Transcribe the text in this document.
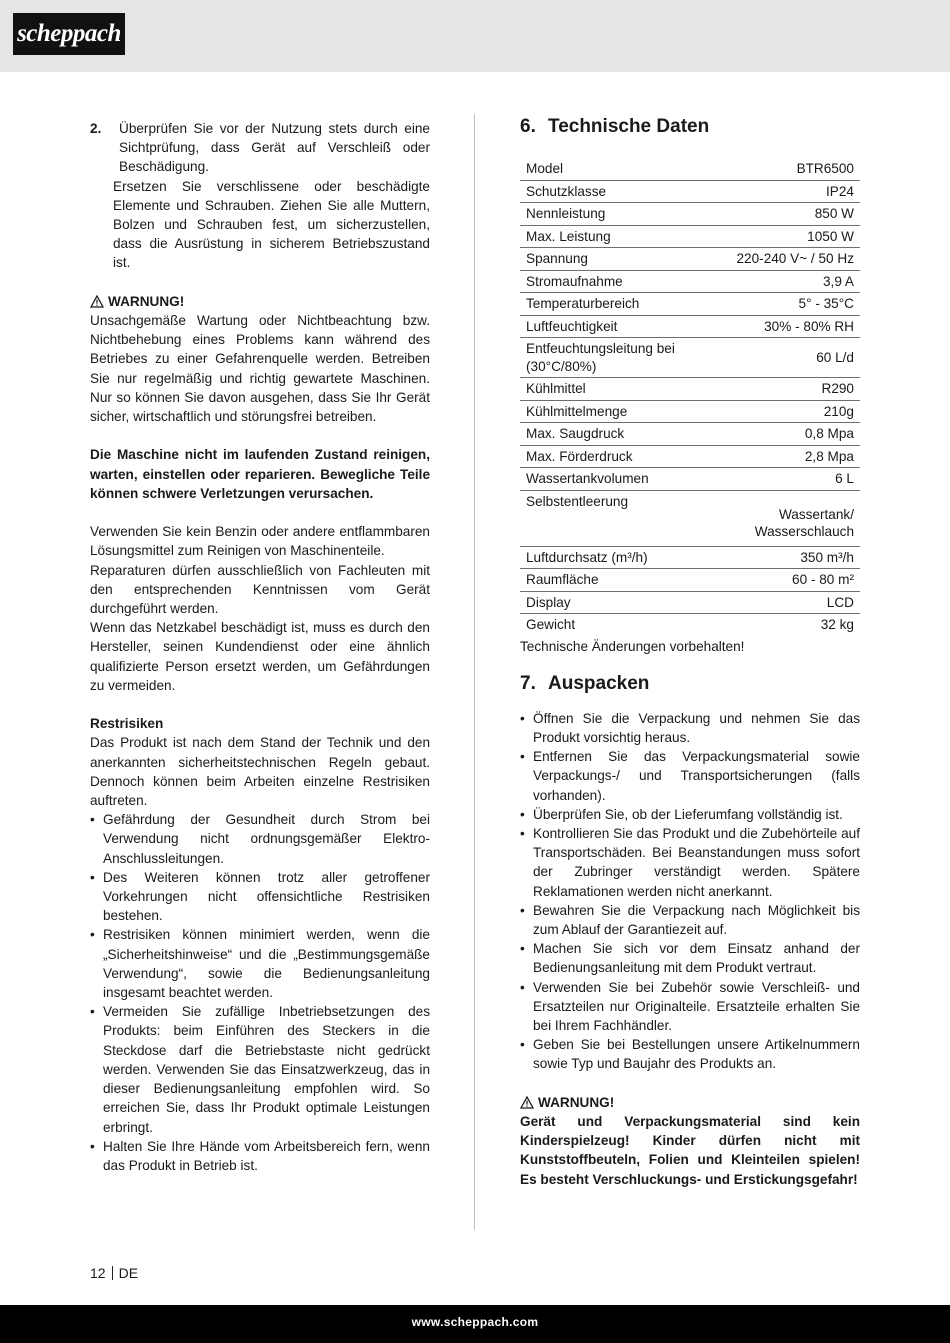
scheppach
2.	Überprüfen Sie vor der Nutzung stets durch eine Sichtprüfung, dass Gerät auf Verschleiß oder Beschädigung.

Ersetzen Sie verschlissene oder beschädigte Elemente und Schrauben. Ziehen Sie alle Muttern, Bolzen und Schrauben fest, um sicherzustellen, dass die Ausrüstung in sicherem Betriebszustand ist.

WARNUNG!

Unsachgemäße Wartung oder Nichtbeachtung bzw. Nichtbehebung eines Problems kann während des Betriebes zu einer Gefahrenquelle werden. Betreiben Sie nur regelmäßig und richtig gewartete Maschinen. Nur so können Sie davon ausgehen, dass Sie Ihr Gerät sicher, wirtschaftlich und störungsfrei betreiben.

Die Maschine nicht im laufenden Zustand reinigen, warten, einstellen oder reparieren. Bewegliche Teile können schwere Verletzungen verursachen.

Verwenden Sie kein Benzin oder andere entflammbaren Lösungsmittel zum Reinigen von Maschinenteile.

Reparaturen dürfen ausschließlich von Fachleuten mit den entsprechenden Kenntnissen vom Gerät durchgeführt werden.

Wenn das Netzkabel beschädigt ist, muss es durch den Hersteller, seinen Kundendienst oder eine ähnlich qualifizierte Person ersetzt werden, um Gefährdungen zu vermeiden.

Restrisiken

Das Produkt ist nach dem Stand der Technik und den anerkannten sicherheitstechnischen Regeln gebaut. Dennoch können beim Arbeiten einzelne Restrisiken auftreten.

• Gefährdung der Gesundheit durch Strom bei Verwendung nicht ordnungsgemäßer Elektro-Anschlussleitungen.
• Des Weiteren können trotz aller getroffener Vorkehrungen nicht offensichtliche Restrisiken bestehen.
• Restrisiken können minimiert werden, wenn die „Sicherheitshinweise“ und die „Bestimmungsgemäße Verwendung“, sowie die Bedienungsanleitung insgesamt beachtet werden.
• Vermeiden Sie zufällige Inbetriebsetzungen des Produkts: beim Einführen des Steckers in die Steckdose darf die Betriebstaste nicht gedrückt werden. Verwenden Sie das Einsatzwerkzeug, das in dieser Bedienungsanleitung empfohlen wird. So erreichen Sie, dass Ihr Produkt optimale Leistungen erbringt.
• Halten Sie Ihre Hände vom Arbeitsbereich fern, wenn das Produkt in Betrieb ist.
6. Technische Daten
Model	BTR6500
Schutzklasse	IP24
Nennleistung	850 W
Max. Leistung	1050 W
Spannung	220-240 V~ / 50 Hz
Stromaufnahme	3,9 A
Temperaturbereich	5° - 35°C
Luftfeuchtigkeit	30% - 80% RH
Entfeuchtungsleitung bei (30°C/80%)	60 L/d
Kühlmittel	R290
Kühlmittelmenge	210g
Max. Saugdruck	0,8 Mpa
Max. Förderdruck	2,8 Mpa
Wassertankvolumen	6 L
Selbstentleerung	Wassertank/ Wasserschlauch
Luftdurchsatz (m³/h)	350 m³/h
Raumfläche	60 - 80 m²
Display	LCD
Gewicht	32 kg

Technische Änderungen vorbehalten!

7. Auspacken
• Öffnen Sie die Verpackung und nehmen Sie das Produkt vorsichtig heraus.
• Entfernen Sie das Verpackungsmaterial sowie Verpackungs-/ und Transportsicherungen (falls vorhanden).
• Überprüfen Sie, ob der Lieferumfang vollständig ist.
• Kontrollieren Sie das Produkt und die Zubehörteile auf Transportschäden. Bei Beanstandungen muss sofort der Zubringer verständigt werden. Spätere Reklamationen werden nicht anerkannt.
• Bewahren Sie die Verpackung nach Möglichkeit bis zum Ablauf der Garantiezeit auf.
• Machen Sie sich vor dem Einsatz anhand der Bedienungsanleitung mit dem Produkt vertraut.
• Verwenden Sie bei Zubehör sowie Verschleiß- und Ersatzteilen nur Originalteile. Ersatzteile erhalten Sie bei Ihrem Fachhändler.
• Geben Sie bei Bestellungen unsere Artikelnummern sowie Typ und Baujahr des Produkts an.
WARNUNG!

Gerät und Verpackungsmaterial sind kein Kinderspielzeug! Kinder dürfen nicht mit Kunststoffbeuteln, Folien und Kleinteilen spielen! Es besteht Verschluckungs- und Erstickungsgefahr!

12 DE
www.scheppach.com
